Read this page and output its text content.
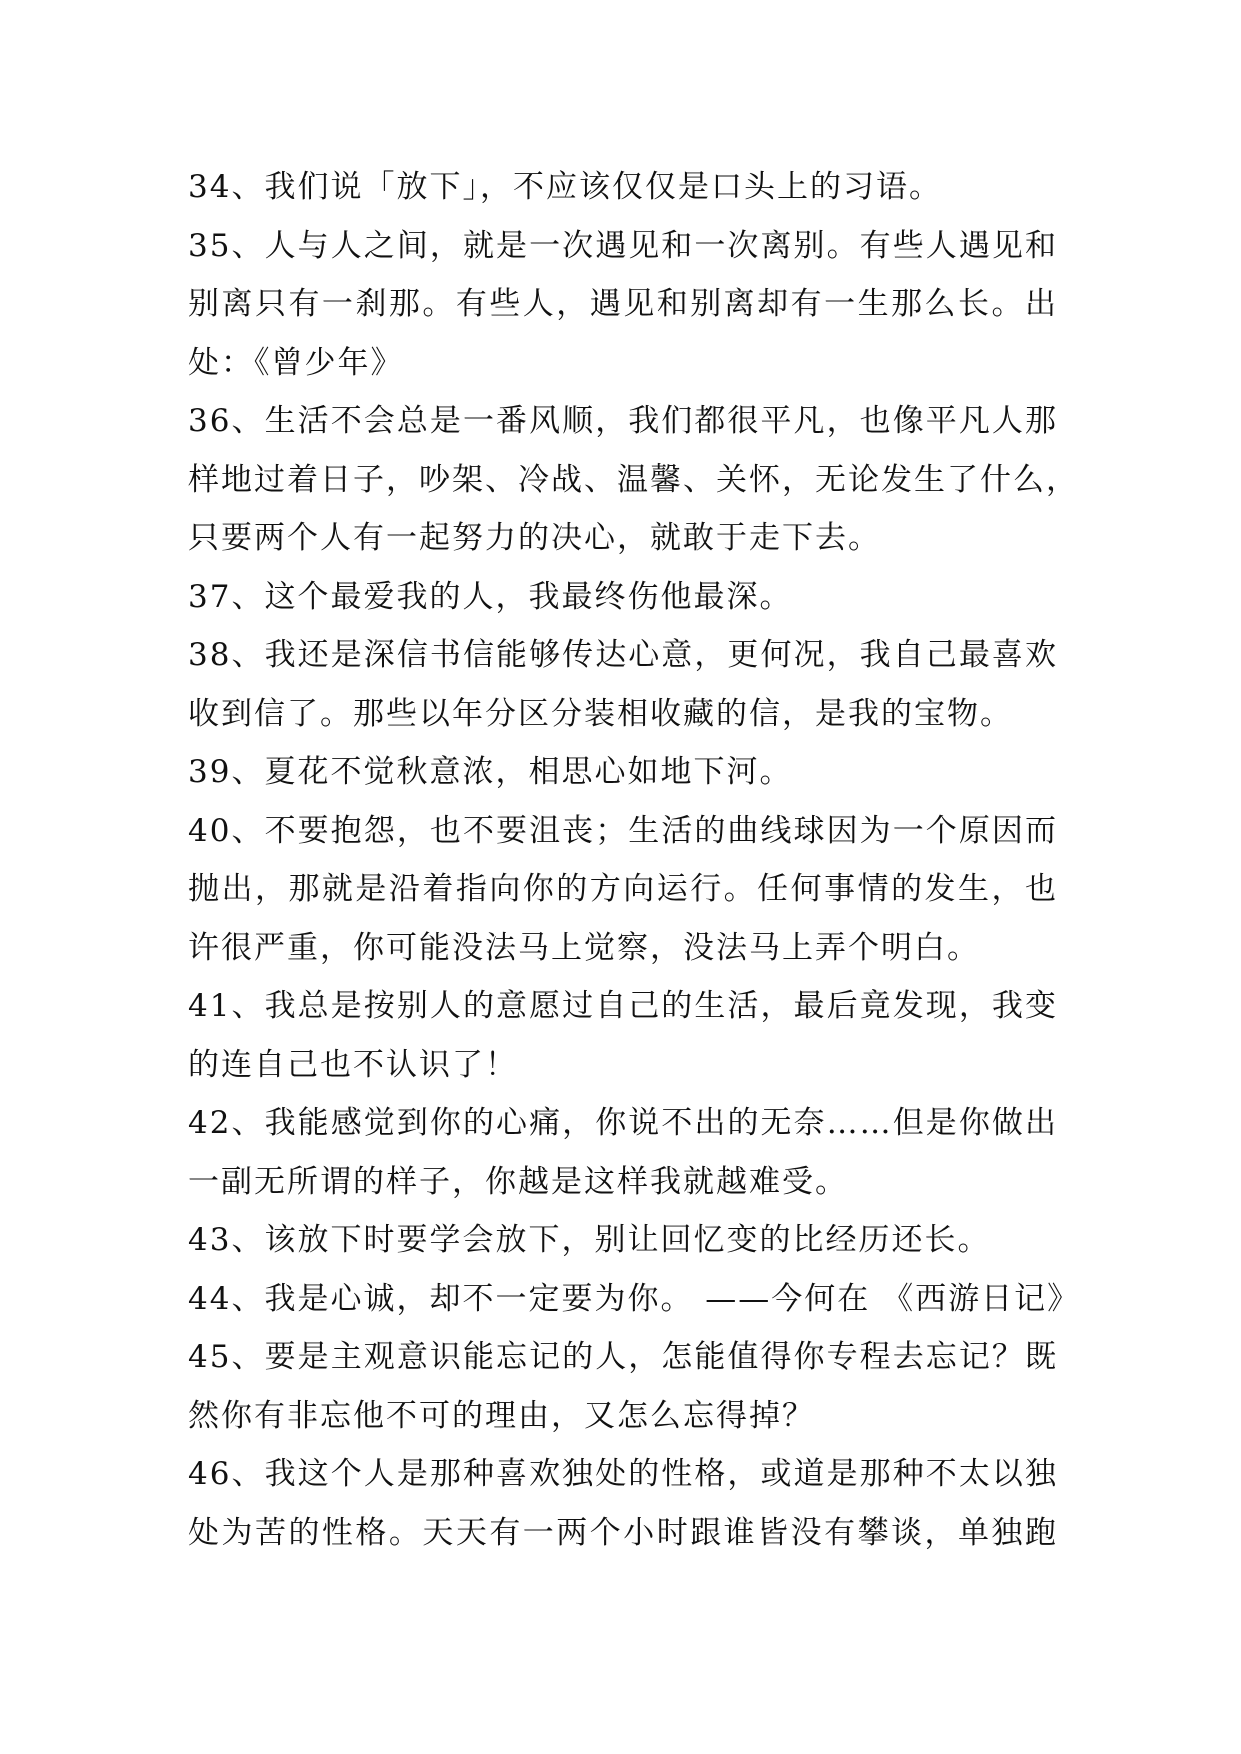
34、我们说「放下」，不应该仅仅是口头上的习语。
35、人与人之间，就是一次遇见和一次离别。有些人遇见和
别离只有一刹那。有些人，遇见和别离却有一生那么长。出
处：《曾少年》
36、生活不会总是一番风顺，我们都很平凡，也像平凡人那
样地过着日子，吵架、冷战、温馨、关怀，无论发生了什么，
只要两个人有一起努力的决心，就敢于走下去。
37、这个最爱我的人，我最终伤他最深。
38、我还是深信书信能够传达心意，更何况，我自己最喜欢
收到信了。那些以年分区分装相收藏的信，是我的宝物。
39、夏花不觉秋意浓，相思心如地下河。
40、不要抱怨，也不要沮丧；生活的曲线球因为一个原因而
抛出，那就是沿着指向你的方向运行。任何事情的发生，也
许很严重，你可能没法马上觉察，没法马上弄个明白。
41、我总是按别人的意愿过自己的生活，最后竟发现，我变
的连自己也不认识了！
42、我能感觉到你的心痛，你说不出的无奈……但是你做出
一副无所谓的样子，你越是这样我就越难受。
43、该放下时要学会放下，别让回忆变的比经历还长。
44、我是心诚，却不一定要为你。 ——今何在 《西游日记》
45、要是主观意识能忘记的人，怎能值得你专程去忘记？既
然你有非忘他不可的理由，又怎么忘得掉？
46、我这个人是那种喜欢独处的性格，或道是那种不太以独
处为苦的性格。天天有一两个小时跟谁皆没有攀谈，单独跑
